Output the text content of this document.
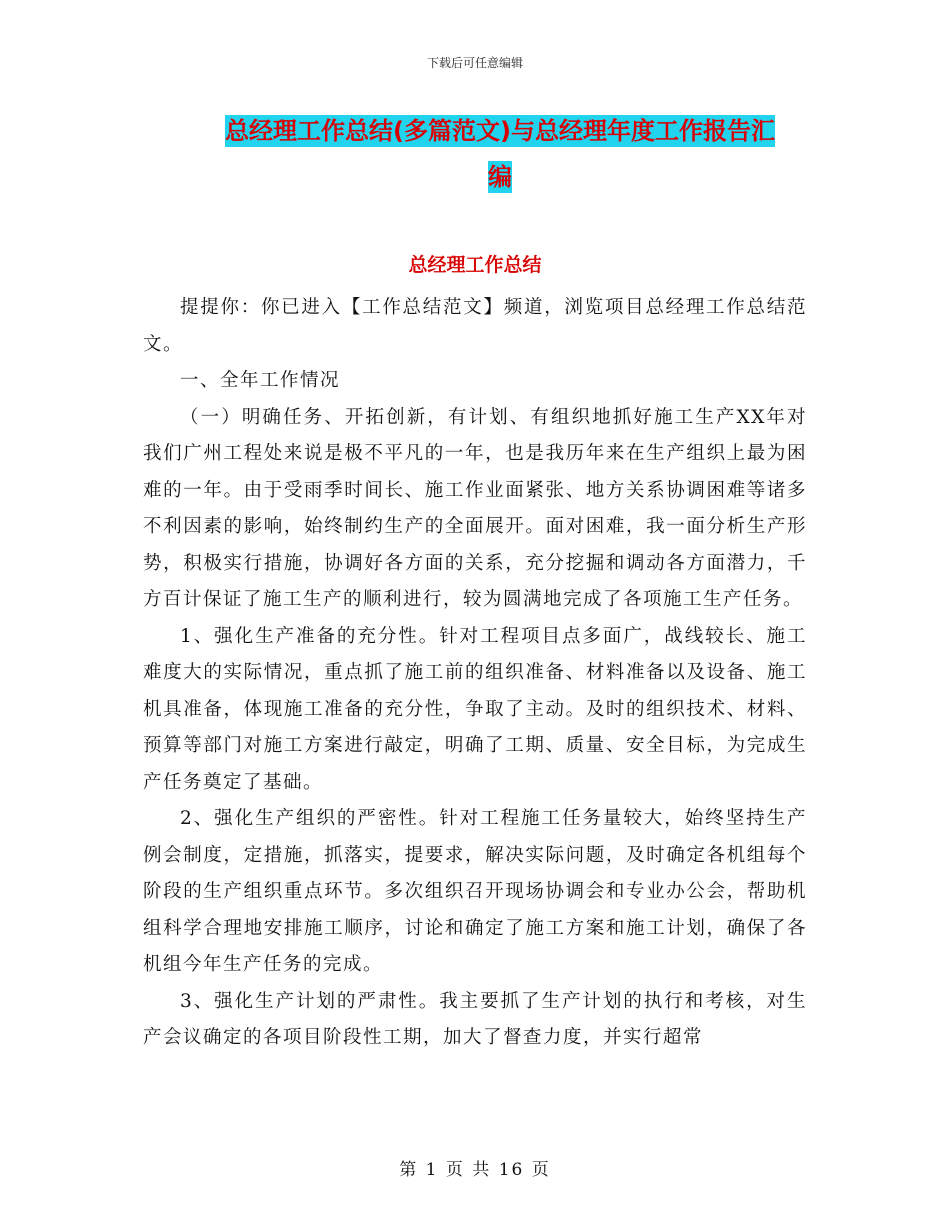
下载后可任意编辑
总经理工作总结(多篇范文)与总经理年度工作报告汇
编
总经理工作总结

提提你：你已进入【工作总结范文】频道，浏览项目总经理工作总结范文。

一、全年工作情况

（一）明确任务、开拓创新，有计划、有组织地抓好施工生产XX年对我们广州工程处来说是极不平凡的一年，也是我历年来在生产组织上最为困难的一年。由于受雨季时间长、施工作业面紧张、地方关系协调困难等诸多不利因素的影响，始终制约生产的全面展开。面对困难，我一面分析生产形势，积极实行措施，协调好各方面的关系，充分挖掘和调动各方面潜力，千方百计保证了施工生产的顺利进行，较为圆满地完成了各项施工生产任务。

1、强化生产准备的充分性。针对工程项目点多面广，战线较长、施工难度大的实际情况，重点抓了施工前的组织准备、材料准备以及设备、施工机具准备，体现施工准备的充分性，争取了主动。及时的组织技术、材料、预算等部门对施工方案进行敲定，明确了工期、质量、安全目标，为完成生产任务奠定了基础。

2、强化生产组织的严密性。针对工程施工任务量较大，始终坚持生产例会制度，定措施，抓落实，提要求，解决实际问题，及时确定各机组每个阶段的生产组织重点环节。多次组织召开现场协调会和专业办公会，帮助机组科学合理地安排施工顺序，讨论和确定了施工方案和施工计划，确保了各机组今年生产任务的完成。

3、强化生产计划的严肃性。我主要抓了生产计划的执行和考核，对生产会议确定的各项目阶段性工期，加大了督查力度，并实行超常

第 1 页 共 16 页
